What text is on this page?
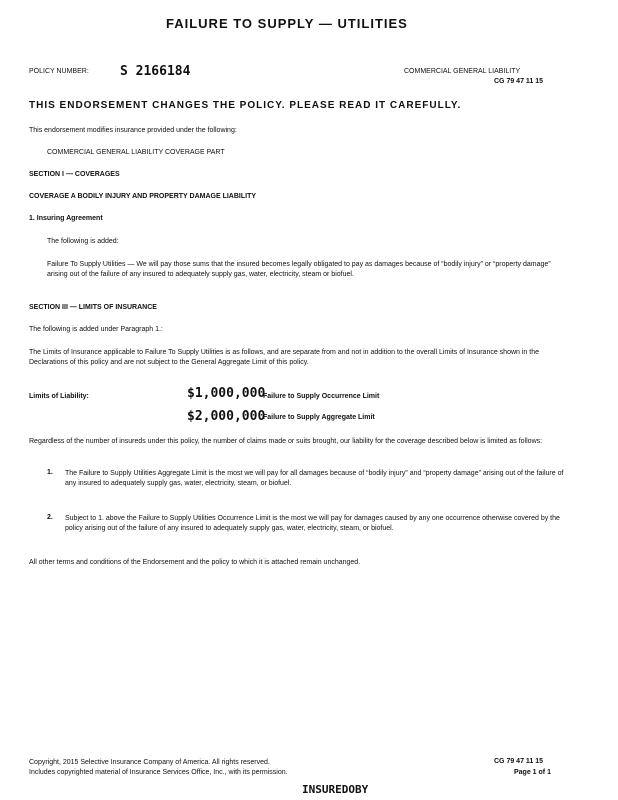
FAILURE TO SUPPLY — UTILITIES
POLICY NUMBER: S 2166184	COMMERCIAL GENERAL LIABILITY
CG 79 47 11 15
THIS ENDORSEMENT CHANGES THE POLICY. PLEASE READ IT CAREFULLY.
This endorsement modifies insurance provided under the following:
COMMERCIAL GENERAL LIABILITY COVERAGE PART
SECTION I — COVERAGES
COVERAGE A BODILY INJURY AND PROPERTY DAMAGE LIABILITY
1. Insuring Agreement
The following is added:
Failure To Supply Utilities — We will pay those sums that the insured becomes legally obligated to pay as damages because of “bodily injury” or “property damage” arising out of the failure of any insured to adequately supply gas, water, electricity, steam or biofuel.
SECTION III — LIMITS OF INSURANCE
The following is added under Paragraph 1.:
The Limits of Insurance applicable to Failure To Supply Utilities is as follows, and are separate from and not in addition to the overall Limits of Insurance shown in the Declarations of this policy and are not subject to the General Aggregate Limit of this policy.
Limits of Liability:	$1,000,000
Failure to Supply Occurrence Limit
$2,000,000
Failure to Supply Aggregate Limit
Regardless of the number of insureds under this policy, the number of claims made or suits brought, our liability for the coverage described below is limited as follows:
1. The Failure to Supply Utilities Aggregate Limit is the most we will pay for all damages because of “bodily injury” and “property damage” arising out of the failure of any insured to adequately supply gas, water, electricity, steam, or biofuel.
2. Subject to 1. above the Failure to Supply Utilities Occurrence Limit is the most we will pay for damages caused by any one occurrence otherwise covered by the policy arising out of the failure of any insured to adequately supply gas, water, electricity, steam, or biofuel.
All other terms and conditions of the Endorsement and the policy to which it is attached remain unchanged.
Copyright, 2015 Selective Insurance Company of America. All rights reserved.
Includes copyrighted material of Insurance Services Office, Inc., with its permission.
CG 79 47 11 15
Page 1 of 1
INSUREDOBY
